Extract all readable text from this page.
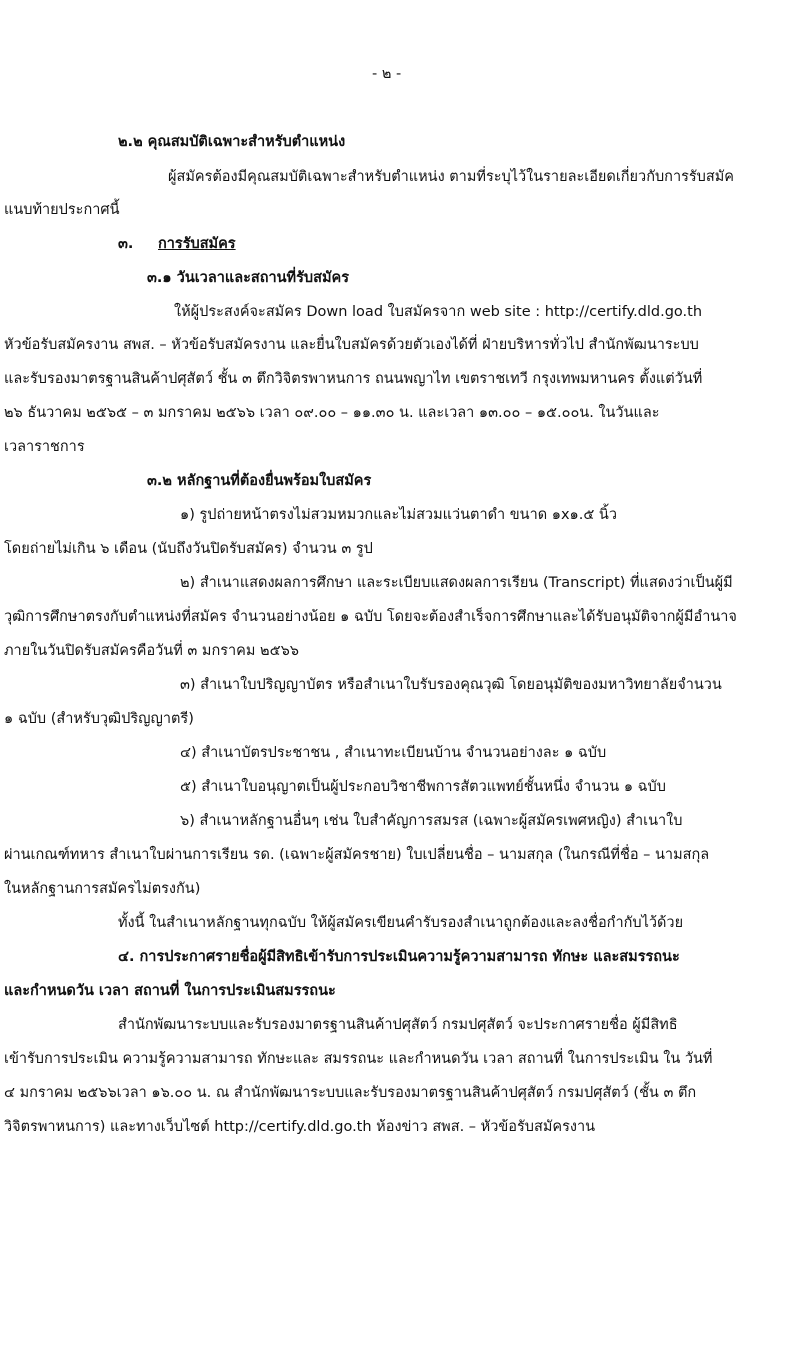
- ๒ -
๒.๒ คุณสมบัติเฉพาะสำหรับตำแหน่ง
ผู้สมัครต้องมีคุณสมบัติเฉพาะสำหรับตำแหน่ง ตามที่ระบุไว้ในรายละเอียดเกี่ยวกับการรับสมัค
แนบท้ายประกาศนี้
๓. การรับสมัคร
๓.๑ วันเวลาและสถานที่รับสมัคร
ให้ผู้ประสงค์จะสมัคร Down load ใบสมัครจาก web site : http://certify.dld.go.th
หัวข้อรับสมัครงาน สพส. – หัวข้อรับสมัครงาน และยื่นใบสมัครด้วยตัวเองได้ที่ ฝ่ายบริหารทั่วไป สำนักพัฒนาระบบ
และรับรองมาตรฐานสินค้าปศุสัตว์ ชั้น ๓ ตึกวิจิตรพาหนการ ถนนพญาไท เขตราชเทวี กรุงเทพมหานคร ตั้งแต่วันที่
๒๖ ธันวาคม ๒๕๖๕ – ๓ มกราคม ๒๕๖๖ เวลา ๐๙.๐๐ – ๑๑.๓๐ น. และเวลา ๑๓.๐๐ – ๑๕.๐๐น. ในวันและ
เวลาราชการ
๓.๒ หลักฐานที่ต้องยื่นพร้อมใบสมัคร
๑) รูปถ่ายหน้าตรงไม่สวมหมวกและไม่สวมแว่นตาดำ ขนาด ๑x๑.๕ นิ้ว
โดยถ่ายไม่เกิน ๖ เดือน (นับถึงวันปิดรับสมัคร) จำนวน ๓ รูป
๒) สำเนาแสดงผลการศึกษา และระเบียบแสดงผลการเรียน (Transcript) ที่แสดงว่าเป็นผู้มี
วุฒิการศึกษาตรงกับตำแหน่งที่สมัคร จำนวนอย่างน้อย ๑ ฉบับ โดยจะต้องสำเร็จการศึกษาและได้รับอนุมัติจากผู้มีอำนาจ
ภายในวันปิดรับสมัครคือวันที่ ๓ มกราคม ๒๕๖๖
๓) สำเนาใบปริญญาบัตร หรือสำเนาใบรับรองคุณวุฒิ โดยอนุมัติของมหาวิทยาลัยจำนวน
๑ ฉบับ (สำหรับวุฒิปริญญาตรี)
๔) สำเนาบัตรประชาชน , สำเนาทะเบียนบ้าน จำนวนอย่างละ ๑ ฉบับ
๕) สำเนาใบอนุญาตเป็นผู้ประกอบวิชาชีพการสัตวแพทย์ชั้นหนึ่ง จำนวน ๑ ฉบับ
๖) สำเนาหลักฐานอื่นๆ เช่น ใบสำคัญการสมรส (เฉพาะผู้สมัครเพศหญิง) สำเนาใบ
ผ่านเกณฑ์ทหาร สำเนาใบผ่านการเรียน รด. (เฉพาะผู้สมัครชาย) ใบเปลี่ยนชื่อ – นามสกุล (ในกรณีที่ชื่อ – นามสกุล
ในหลักฐานการสมัครไม่ตรงกัน)
ทั้งนี้ ในสำเนาหลักฐานทุกฉบับ ให้ผู้สมัครเขียนคำรับรองสำเนาถูกต้องและลงชื่อกำกับไว้ด้วย
๔. การประกาศรายชื่อผู้มีสิทธิเข้ารับการประเมินความรู้ความสามารถ ทักษะ และสมรรถนะ
และกำหนดวัน เวลา สถานที่ ในการประเมินสมรรถนะ
สำนักพัฒนาระบบและรับรองมาตรฐานสินค้าปศุสัตว์ กรมปศุสัตว์ จะประกาศรายชื่อ ผู้มีสิทธิ
เข้ารับการประเมิน ความรู้ความสามารถ ทักษะและ สมรรถนะ และกำหนดวัน เวลา สถานที่ ในการประเมิน ใน วันที่
๔ มกราคม ๒๕๖๖เวลา ๑๖.๐๐ น. ณ สำนักพัฒนาระบบและรับรองมาตรฐานสินค้าปศุสัตว์ กรมปศุสัตว์ (ชั้น ๓ ตึก
วิจิตรพาหนการ) และทางเว็บไซต์ http://certify.dld.go.th ห้องข่าว สพส. – หัวข้อรับสมัครงาน
